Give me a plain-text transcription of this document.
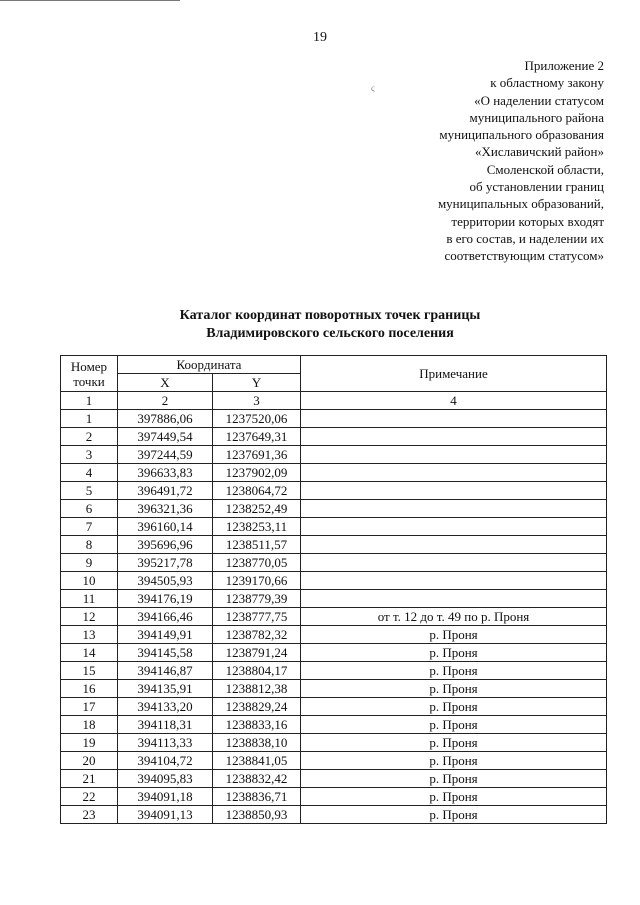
19
ς
Приложение 2
к областному закону
«О наделении статусом
муниципального района
муниципального образования
«Хиславичский район»
Смоленской области,
об установлении границ
муниципальных образований,
территории которых входят
в его состав, и наделении их
соответствующим статусом»
Каталог координат поворотных точек границы
Владимировского сельского поселения
Номер
точки	Координата		Примечание
	X	Y	
1	2	3	4
1	397886,06	1237520,06	
2	397449,54	1237649,31	
3	397244,59	1237691,36	
4	396633,83	1237902,09	
5	396491,72	1238064,72	
6	396321,36	1238252,49	
7	396160,14	1238253,11	
8	395696,96	1238511,57	
9	395217,78	1238770,05	
10	394505,93	1239170,66	
11	394176,19	1238779,39	
12	394166,46	1238777,75	от т. 12 до т. 49 по р. Проня
13	394149,91	1238782,32	р. Проня
14	394145,58	1238791,24	р. Проня
15	394146,87	1238804,17	р. Проня
16	394135,91	1238812,38	р. Проня
17	394133,20	1238829,24	р. Проня
18	394118,31	1238833,16	р. Проня
19	394113,33	1238838,10	р. Проня
20	394104,72	1238841,05	р. Проня
21	394095,83	1238832,42	р. Проня
22	394091,18	1238836,71	р. Проня
23	394091,13	1238850,93	р. Проня
